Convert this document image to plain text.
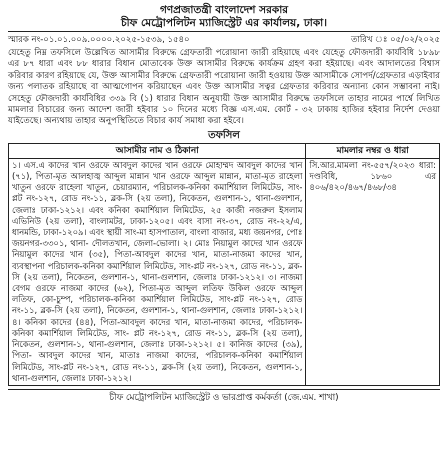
গণপ্রজাতন্ত্রী বাংলাদেশ সরকার
চীফ মেট্রোপলিটন ম্যাজিস্ট্রেট এর কার্যালয়, ঢাকা।
স্মারক নং-০১.০১.০০৯.০০০০.২০২৫-১৫৩৯, ১৫৪০	তারিখ ঃ ০৫/০২/২০২৫
যেহেতু নিম্ন তফসিলে উল্লেখিত আসামীর বিরুদ্ধে গ্রেফতারী পরোয়ানা জারী রহিয়াছে এবং যেহেতু ফৌজদারী কার্যবিধি ১৮৯৮ এর ৮৭ ধারা এবং ৮৮ ধারার বিধান মোতাবেক উক্ত আসামীর বিরুদ্ধে কার্যক্রম গ্রহণ করা হইয়াছে। এবং আদালতের বিশ্বাস করিবার কারণ রহিয়াছে যে, উক্ত আসামীর বিরুদ্ধে গ্রেফতারী পরোয়ানা জারী হওয়ায় উক্ত আসামীকে সোপর্দ/গ্রেফতার এড়াইবার জন্য পলাতক রহিয়াছে বা আত্মগোপন করিয়াছেন এবং উক্ত আসামীর সত্বর গ্রেফতার করিবার অন্যান্য কোন সম্ভাবনা নাই। সেহেতু ফৌজদারী কার্যবিধির ৩৩৯ বি (১) ধারার বিধান অনুযায়ী উক্ত আসামীর বিরুদ্ধে তফসিলে তাহার নামের পার্শ্বে লিখিত মামলার বিচারের জন্য আদেশ জারী হইবার ১০ দিনের মধ্যে বিজ্ঞ এস.এম. কোর্ট - ৩২ ঢাকায় হাজির হইবার নির্দেশ দেওয়া যাইতেছে। অন্যথায় তাহার অনুপস্থিতিতে বিচার কার্য সমাধা করা হইবে।
তফসিল
আসামীর নাম ও ঠিকানা	মামলার নম্বর ও ধারা
১। এস.এ কাদের খান ওরফে আবদুল কাদের খান ওরফে মোহাম্মদ আবদুল কাদের খান (৭১), পিতা-মৃত আলহাজ্ব আব্দুল মান্নান খান ওরফে আব্দুল মান্নান, মাতা-মৃত রাহেলা খাতুন ওরফে রাহেলা খাতুন, চেয়ারম্যান, পরিচালক-কনিকা কমার্শিয়াল লিমিটেড, সাং-প্লট নং-১২৭, রোড নং-১১, ব্লক-সি (২য় তলা), নিকেতন, গুলশান-১, থানা-গুলশান, জেলাঃ ঢাকা-১২১২। এবং কনিকা কমার্শিয়াল লিমিটেড, ২৫ কাজী নজরুল ইসলাম এভিনিউ (২য় তলা), বাংলামটর, ঢাকা-১২০৫। এবং বাসা নং-৩৭, রোড নং-২২/এ, ধানমন্ডি, ঢাকা-১২০৯। এবং স্থায়ী সাং-মা হাসপাতাল, বাংলা বাজার, মধ্য জয়নগর, পোঃ জয়নগর-৩৩০১, থানা- দৌলতখান, জেলা-ভোলা। ২। মোঃ নিয়ামুল কাদের খান ওরফে নিয়ামুল কাদের খান (৩৫), পিতা-আবদুল কাদের খান, মাতা-নাজমা কাদের খান, ব্যবস্থাপনা পরিচালক-কনিকা কমার্শিয়াল লিমিটেড, সাং-প্লট নং-১২৭, রোড নং-১১, ব্লক-সি (২য় তলা), নিকেতন, গুলশান-১, থানা-গুলশান, জেলাঃ ঢাকা-১২১২। ৩। নাজমা বেগম ওরফে নাজমা কাদের (৬২), পিতা-মৃত আব্দুল লতিফ উকিল ওরফে আব্দুল লতিফ, কো-চুম্প, পরিচালক-কনিকা কমার্শিয়াল লিমিটেড, সাং-প্লট নং-১২৭, রোড নং-১১, ব্লক-সি (২য় তলা), নিকেতন, গুলশান-১, থানা-গুলশান, জেলাঃ ঢাকা-১২১২। ৪। কনিকা কাদের (৪৪), পিতা-আবদুল কাদের খান, মাতা-নাজমা কাদের, পরিচালক-কনিকা কমার্শিয়াল লিমিটেড, সাং- প্লট নং-১২৭, রোড নং-১১, ব্লক-সি (২য় তলা), নিকেতন, গুলশান-১, থানা-গুলশান, জেলাঃ ঢাকা-১২১২। ৫। কানিজ কাদের (৩৯), পিতা- আবদুল কাদের খান, মাতাঃ নাজমা কাদের, পরিচালক-কনিকা কমার্শিয়াল লিমিটেড, সাং-প্লট নং-১২৭, রোড নং-১১, ব্লক-সি (২য় তলা), নিকেতন, গুলশান-১, থানা-গুলশান, জেলাঃ ঢাকা-১২১২।	সি.আর.মামলা নং-৫৫৭/২০২৩ ধারা: দণ্ডবিধি, ১৮৬০ এর ৪০৬/৪২০/৪৬৭/৪৬৮/৩৪
চীফ মেট্রোপলিটন ম্যাজিস্ট্রেট ও ভারপ্রাপ্ত কর্মকর্তা (জে.এম. শাখা)
